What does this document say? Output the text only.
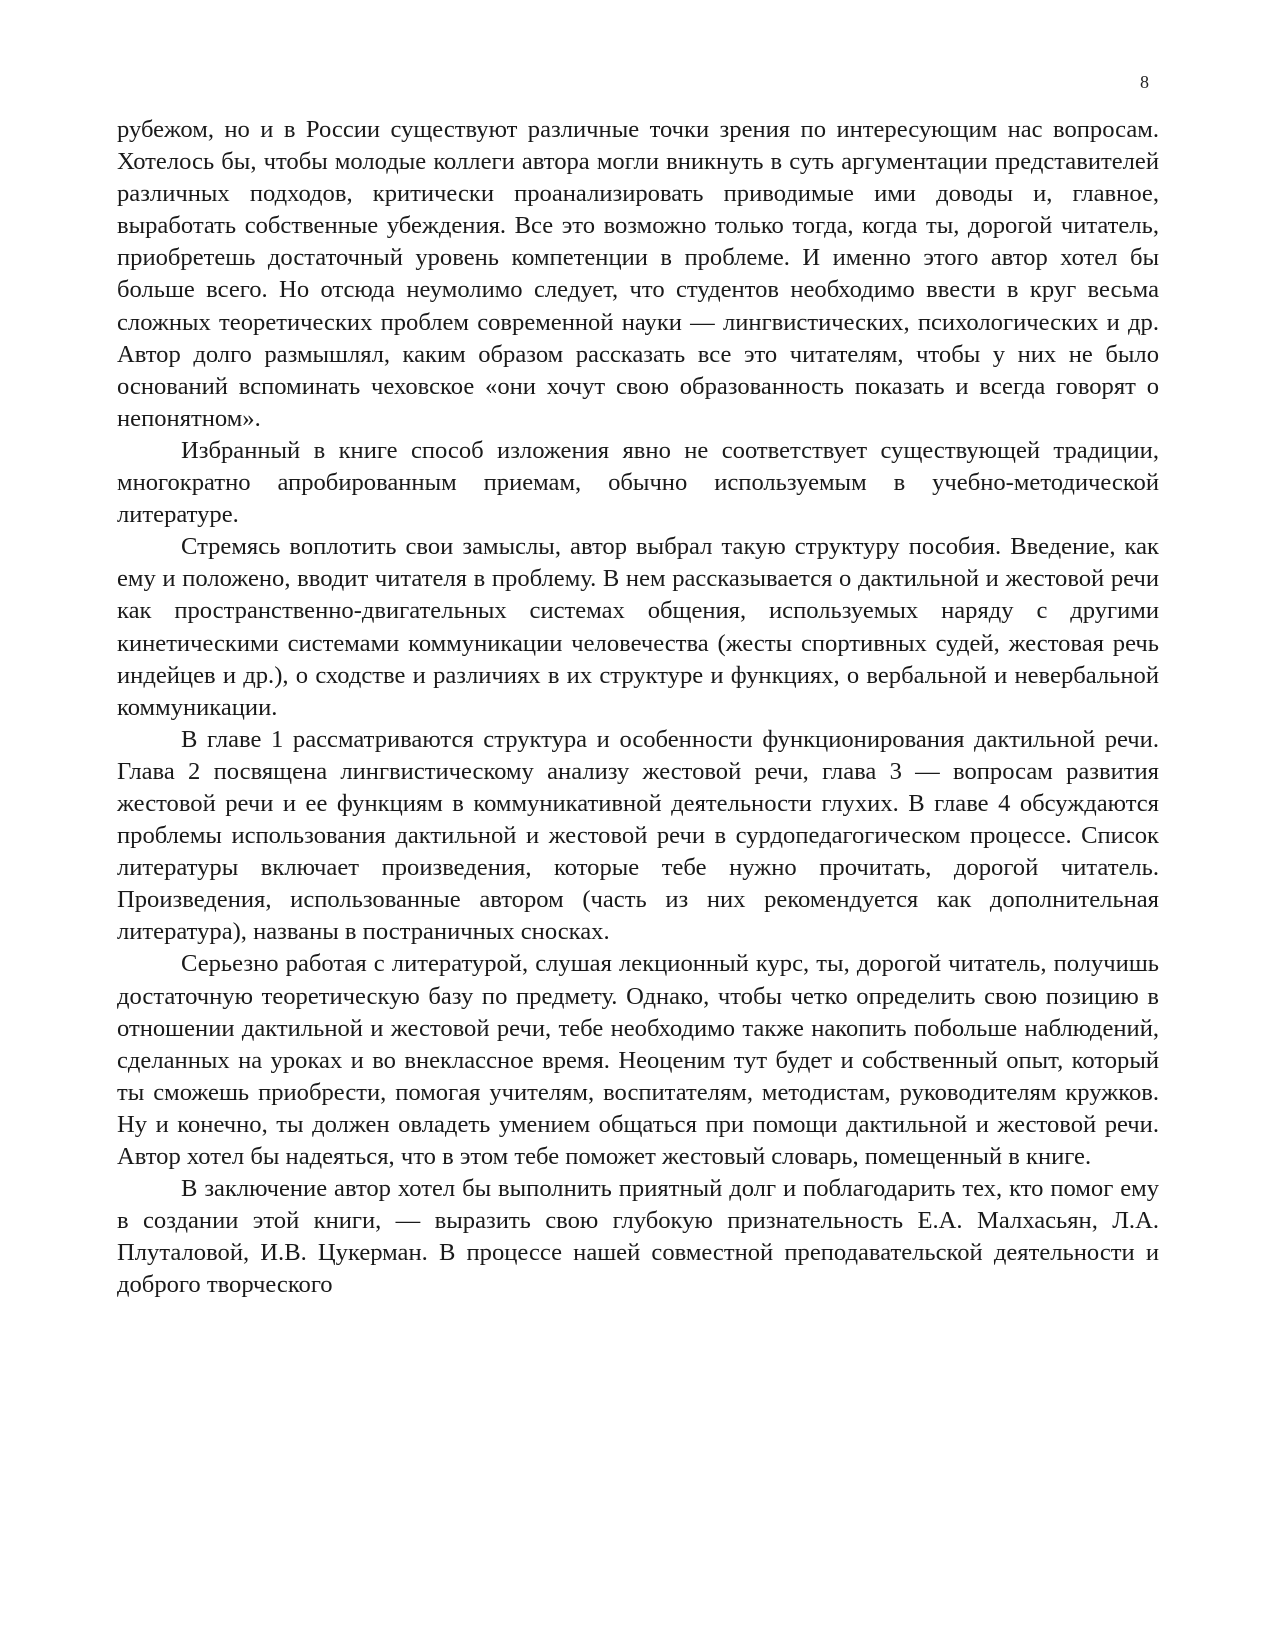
8

рубежом, но и в России существуют различные точки зрения по интересующим нас вопросам. Хотелось бы, чтобы молодые коллеги автора могли вникнуть в суть аргументации представителей различных подходов, критически проанализировать приводимые ими доводы и, главное, выработать собственные убеждения. Все это возможно только тогда, когда ты, дорогой читатель, приобретешь достаточный уровень компетенции в проблеме. И именно этого автор хотел бы больше всего. Но отсюда неумолимо следует, что студентов необходимо ввести в круг весьма сложных теоретических проблем современной науки — лингвистических, психологических и др. Автор долго размышлял, каким образом рассказать все это читателям, чтобы у них не было оснований вспоминать чеховское «они хочут свою образованность показать и всегда говорят о непонятном».

Избранный в книге способ изложения явно не соответствует существующей традиции, многократно апробированным приемам, обычно используемым в учебно-методической литературе.

Стремясь воплотить свои замыслы, автор выбрал такую структуру пособия. Введение, как ему и положено, вводит читателя в проблему. В нем рассказывается о дактильной и жестовой речи как пространственно-двигательных системах общения, используемых наряду с другими кинетическими системами коммуникации человечества (жесты спортивных судей, жестовая речь индейцев и др.), о сходстве и различиях в их структуре и функциях, о вербальной и невербальной коммуникации.

В главе 1 рассматриваются структура и особенности функционирования дактильной речи. Глава 2 посвящена лингвистическому анализу жестовой речи, глава 3 — вопросам развития жестовой речи и ее функциям в коммуникативной деятельности глухих. В главе 4 обсуждаются проблемы использования дактильной и жестовой речи в сурдопедагогическом процессе. Список литературы включает произведения, которые тебе нужно прочитать, дорогой читатель. Произведения, использованные автором (часть из них рекомендуется как дополнительная литература), названы в постраничных сносках.

Серьезно работая с литературой, слушая лекционный курс, ты, дорогой читатель, получишь достаточную теоретическую базу по предмету. Однако, чтобы четко определить свою позицию в отношении дактильной и жестовой речи, тебе необходимо также накопить побольше наблюдений, сделанных на уроках и во внеклассное время. Неоценим тут будет и собственный опыт, который ты сможешь приобрести, помогая учителям, воспитателям, методистам, руководителям кружков. Ну и конечно, ты должен овладеть умением общаться при помощи дактильной и жестовой речи. Автор хотел бы надеяться, что в этом тебе поможет жестовый словарь, помещенный в книге.

В заключение автор хотел бы выполнить приятный долг и поблагодарить тех, кто помог ему в создании этой книги, — выразить свою глубокую признательность Е.А. Малхасьян, Л.А. Плуталовой, И.В. Цукерман. В процессе нашей совместной преподавательской деятельности и доброго творческого
